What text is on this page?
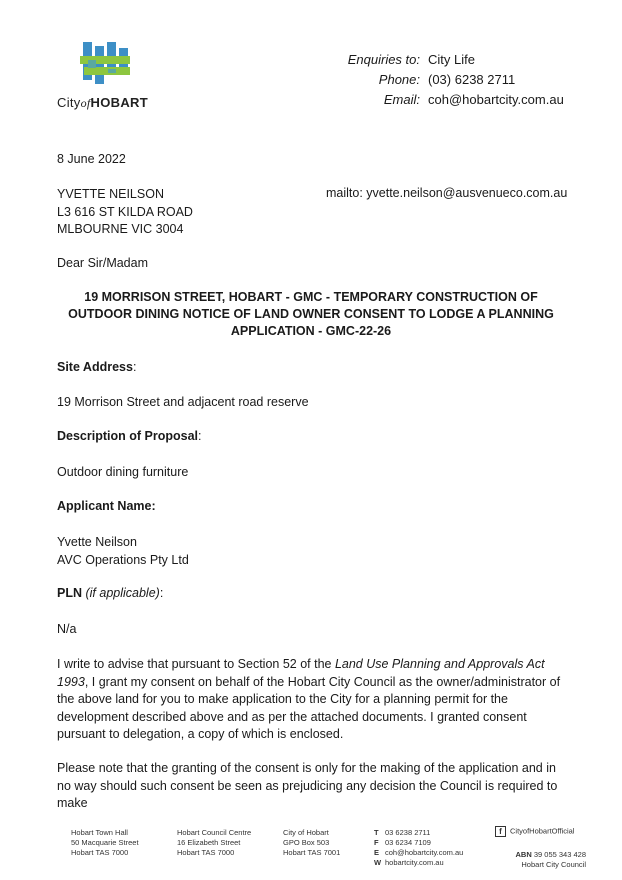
CityofHOBART
Enquiries to:
Phone:
Email:
City Life
(03) 6238 2711
coh@hobartcity.com.au
8 June 2022
YVETTE NEILSON
L3 616 ST KILDA ROAD
MLBOURNE VIC 3004
mailto: yvette.neilson@ausvenueco.com.au
Dear Sir/Madam
19 MORRISON STREET, HOBART - GMC - TEMPORARY CONSTRUCTION OF
OUTDOOR DINING NOTICE OF LAND OWNER CONSENT TO LODGE A PLANNING
APPLICATION - GMC-22-26
Site Address:
19 Morrison Street and adjacent road reserve
Description of Proposal:
Outdoor dining furniture
Applicant Name:
Yvette Neilson
AVC Operations Pty Ltd
PLN (if applicable):
N/a
I write to advise that pursuant to Section 52 of the Land Use Planning and Approvals Act 1993, I grant my consent on behalf of the Hobart City Council as the owner/administrator of the above land for you to make application to the City for a planning permit for the development described above and as per the attached documents. I granted consent pursuant to delegation, a copy of which is enclosed.
Please note that the granting of the consent is only for the making of the application and in no way should such consent be seen as prejudicing any decision the Council is required to make
Hobart Town Hall
50 Macquarie Street
Hobart TAS 7000
Hobart Council Centre
16 Elizabeth Street
Hobart TAS 7000
City of Hobart
GPO Box 503
Hobart TAS 7001
T 03 6238 2711
F 03 6234 7109
E coh@hobartcity.com.au
W hobartcity.com.au
f CityofHobartOfficial
ABN 39 055 343 428
Hobart City Council
